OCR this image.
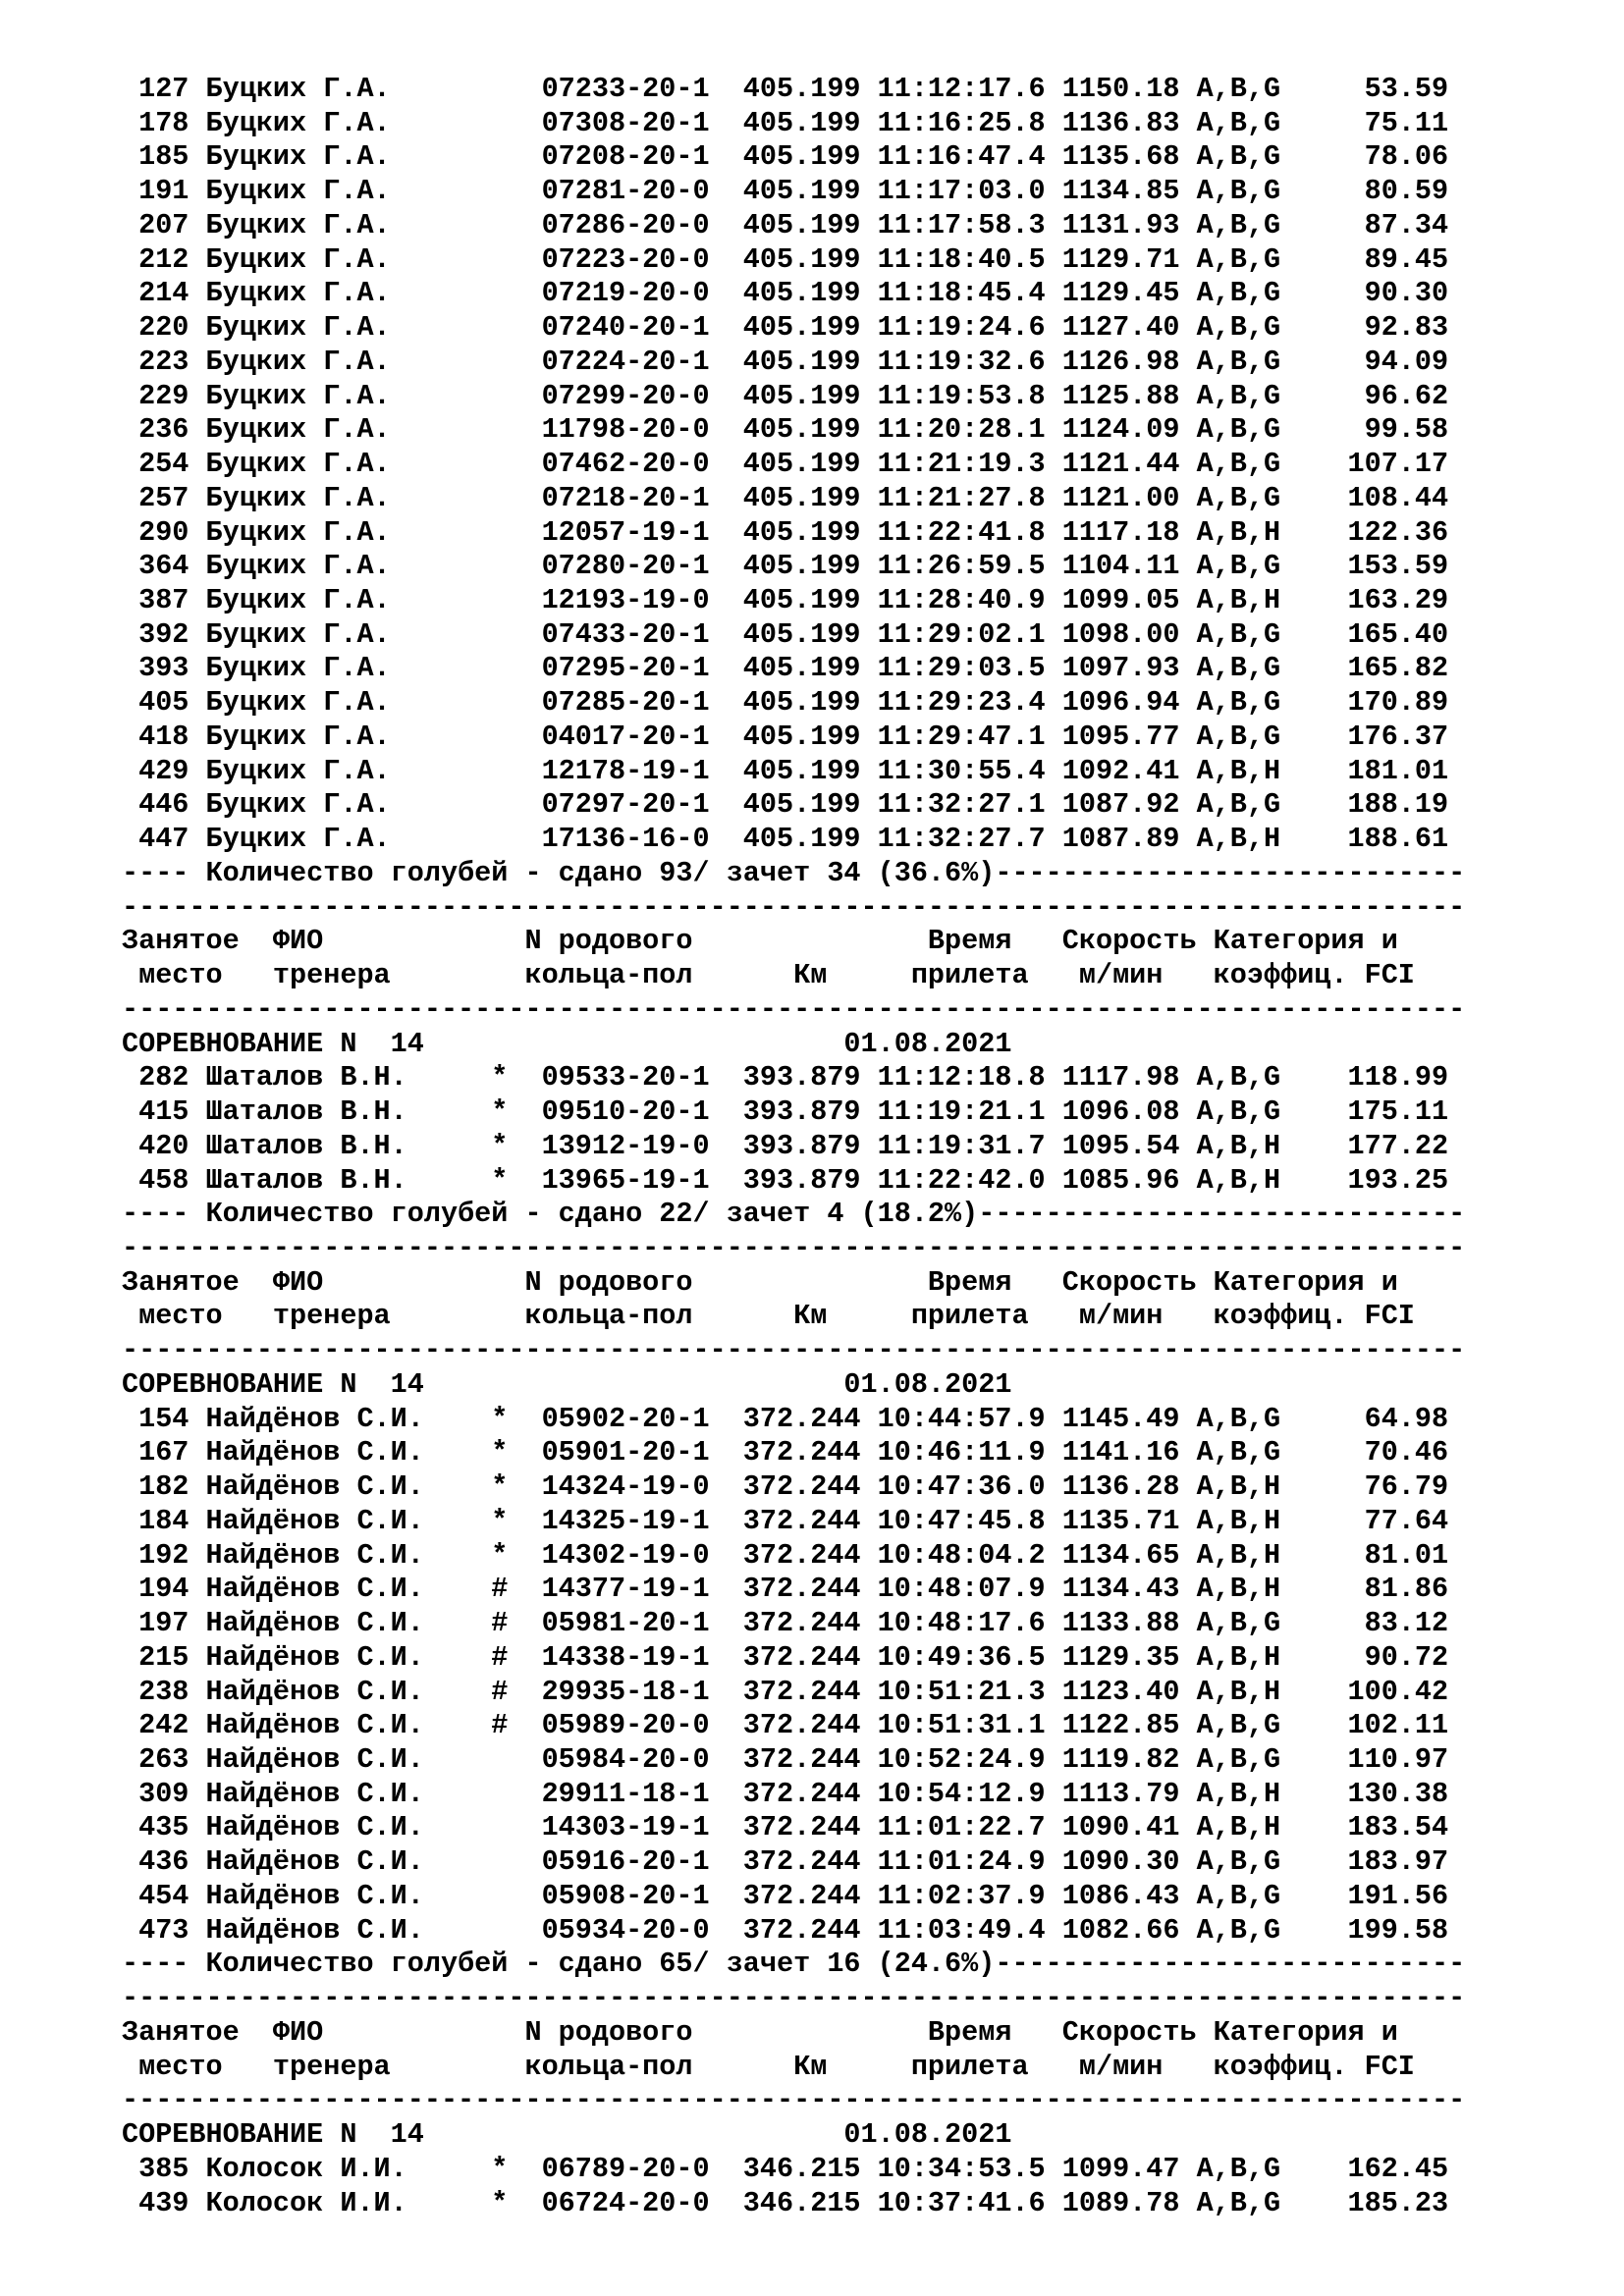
127 Буцких Г.А.         07233-20-1  405.199 11:12:17.6 1150.18 A,B,G     53.59
178 Буцких Г.А.         07308-20-1  405.199 11:16:25.8 1136.83 A,B,G     75.11
185 Буцких Г.А.         07208-20-1  405.199 11:16:47.4 1135.68 A,B,G     78.06
191 Буцких Г.А.         07281-20-0  405.199 11:17:03.0 1134.85 A,B,G     80.59
207 Буцких Г.А.         07286-20-0  405.199 11:17:58.3 1131.93 A,B,G     87.34
212 Буцких Г.А.         07223-20-0  405.199 11:18:40.5 1129.71 A,B,G     89.45
214 Буцких Г.А.         07219-20-0  405.199 11:18:45.4 1129.45 A,B,G     90.30
220 Буцких Г.А.         07240-20-1  405.199 11:19:24.6 1127.40 A,B,G     92.83
223 Буцких Г.А.         07224-20-1  405.199 11:19:32.6 1126.98 A,B,G     94.09
229 Буцких Г.А.         07299-20-0  405.199 11:19:53.8 1125.88 A,B,G     96.62
236 Буцких Г.А.         11798-20-0  405.199 11:20:28.1 1124.09 A,B,G     99.58
254 Буцких Г.А.         07462-20-0  405.199 11:21:19.3 1121.44 A,B,G    107.17
257 Буцких Г.А.         07218-20-1  405.199 11:21:27.8 1121.00 A,B,G    108.44
290 Буцких Г.А.         12057-19-1  405.199 11:22:41.8 1117.18 A,B,H    122.36
364 Буцких Г.А.         07280-20-1  405.199 11:26:59.5 1104.11 A,B,G    153.59
387 Буцких Г.А.         12193-19-0  405.199 11:28:40.9 1099.05 A,B,H    163.29
392 Буцких Г.А.         07433-20-1  405.199 11:29:02.1 1098.00 A,B,G    165.40
393 Буцких Г.А.         07295-20-1  405.199 11:29:03.5 1097.93 A,B,G    165.82
405 Буцких Г.А.         07285-20-1  405.199 11:29:23.4 1096.94 A,B,G    170.89
418 Буцких Г.А.         04017-20-1  405.199 11:29:47.1 1095.77 A,B,G    176.37
429 Буцких Г.А.         12178-19-1  405.199 11:30:55.4 1092.41 A,B,H    181.01
446 Буцких Г.А.         07297-20-1  405.199 11:32:27.1 1087.92 A,B,G    188.19
447 Буцких Г.А.         17136-16-0  405.199 11:32:27.7 1087.89 A,B,H    188.61
---- Количество голубей - сдано 93/ зачет 34 (36.6%)----------------------------
--------------------------------------------------------------------------------
Занятое  ФИО            N родового              Время   Скорость Категория и
место   тренера        кольца-пол      Км     прилета   м/мин   коэффиц. FCI
--------------------------------------------------------------------------------
СОРЕВНОВАНИЕ N  14                         01.08.2021
282 Шаталов В.Н.     *  09533-20-1  393.879 11:12:18.8 1117.98 A,B,G    118.99
415 Шаталов В.Н.     *  09510-20-1  393.879 11:19:21.1 1096.08 A,B,G    175.11
420 Шаталов В.Н.     *  13912-19-0  393.879 11:19:31.7 1095.54 A,B,H    177.22
458 Шаталов В.Н.     *  13965-19-1  393.879 11:22:42.0 1085.96 A,B,H    193.25
---- Количество голубей - сдано 22/ зачет 4 (18.2%)-----------------------------
--------------------------------------------------------------------------------
Занятое  ФИО            N родового              Время   Скорость Категория и
место   тренера        кольца-пол      Км     прилета   м/мин   коэффиц. FCI
--------------------------------------------------------------------------------
СОРЕВНОВАНИЕ N  14                         01.08.2021
154 Найдёнов С.И.    *  05902-20-1  372.244 10:44:57.9 1145.49 A,B,G     64.98
167 Найдёнов С.И.    *  05901-20-1  372.244 10:46:11.9 1141.16 A,B,G     70.46
182 Найдёнов С.И.    *  14324-19-0  372.244 10:47:36.0 1136.28 A,B,H     76.79
184 Найдёнов С.И.    *  14325-19-1  372.244 10:47:45.8 1135.71 A,B,H     77.64
192 Найдёнов С.И.    *  14302-19-0  372.244 10:48:04.2 1134.65 A,B,H     81.01
194 Найдёнов С.И.    #  14377-19-1  372.244 10:48:07.9 1134.43 A,B,H     81.86
197 Найдёнов С.И.    #  05981-20-1  372.244 10:48:17.6 1133.88 A,B,G     83.12
215 Найдёнов С.И.    #  14338-19-1  372.244 10:49:36.5 1129.35 A,B,H     90.72
238 Найдёнов С.И.    #  29935-18-1  372.244 10:51:21.3 1123.40 A,B,H    100.42
242 Найдёнов С.И.    #  05989-20-0  372.244 10:51:31.1 1122.85 A,B,G    102.11
263 Найдёнов С.И.       05984-20-0  372.244 10:52:24.9 1119.82 A,B,G    110.97
309 Найдёнов С.И.       29911-18-1  372.244 10:54:12.9 1113.79 A,B,H    130.38
435 Найдёнов С.И.       14303-19-1  372.244 11:01:22.7 1090.41 A,B,H    183.54
436 Найдёнов С.И.       05916-20-1  372.244 11:01:24.9 1090.30 A,B,G    183.97
454 Найдёнов С.И.       05908-20-1  372.244 11:02:37.9 1086.43 A,B,G    191.56
473 Найдёнов С.И.       05934-20-0  372.244 11:03:49.4 1082.66 A,B,G    199.58
---- Количество голубей - сдано 65/ зачет 16 (24.6%)----------------------------
--------------------------------------------------------------------------------
Занятое  ФИО            N родового              Время   Скорость Категория и
место   тренера        кольца-пол      Км     прилета   м/мин   коэффиц. FCI
--------------------------------------------------------------------------------
СОРЕВНОВАНИЕ N  14                         01.08.2021
385 Колосок И.И.     *  06789-20-0  346.215 10:34:53.5 1099.47 A,B,G    162.45
439 Колосок И.И.     *  06724-20-0  346.215 10:37:41.6 1089.78 A,B,G    185.23
